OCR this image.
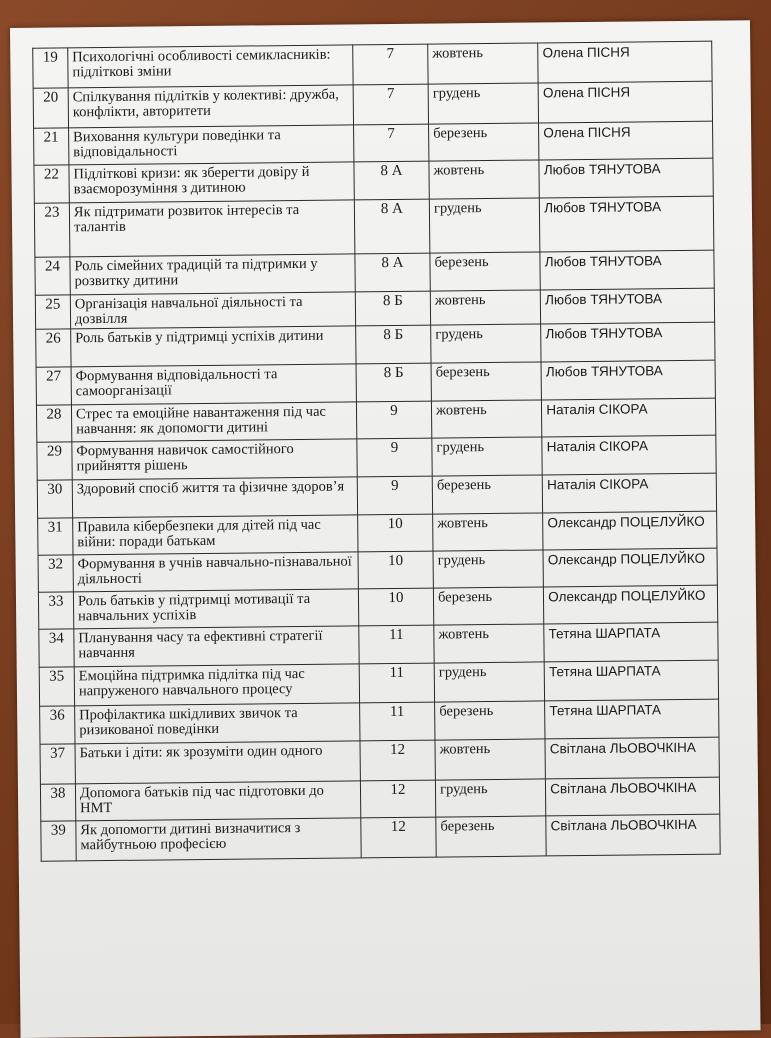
19	Психологічні особливості семикласників: підліткові зміни	7	жовтень	Олена ПІСНЯ
20	Спілкування підлітків у колективі: дружба, конфлікти, авторитети	7	грудень	Олена ПІСНЯ
21	Виховання культури поведінки та відповідальності	7	березень	Олена ПІСНЯ
22	Підліткові кризи: як зберегти довіру й взаєморозуміння з дитиною	8 А	жовтень	Любов ТЯНУТОВА
23	Як підтримати розвиток інтересів та талантів	8 А	грудень	Любов ТЯНУТОВА
24	Роль сімейних традицій та підтримки у розвитку дитини	8 А	березень	Любов ТЯНУТОВА
25	Організація навчальної діяльності та дозвілля	8 Б	жовтень	Любов ТЯНУТОВА
26	Роль батьків у підтримці успіхів дитини	8 Б	грудень	Любов ТЯНУТОВА
27	Формування відповідальності та самоорганізації	8 Б	березень	Любов ТЯНУТОВА
28	Стрес та емоційне навантаження під час навчання: як допомогти дитині	9	жовтень	Наталія СІКОРА
29	Формування навичок самостійного прийняття рішень	9	грудень	Наталія СІКОРА
30	Здоровий спосіб життя та фізичне здоров’я	9	березень	Наталія СІКОРА
31	Правила кібербезпеки для дітей під час війни: поради батькам	10	жовтень	Олександр ПОЦЕЛУЙКО
32	Формування в учнів навчально-пізнавальної діяльності	10	грудень	Олександр ПОЦЕЛУЙКО
33	Роль батьків у підтримці мотивації та навчальних успіхів	10	березень	Олександр ПОЦЕЛУЙКО
34	Планування часу та ефективні стратегії навчання	11	жовтень	Тетяна ШАРПАТА
35	Емоційна підтримка підлітка під час напруженого навчального процесу	11	грудень	Тетяна ШАРПАТА
36	Профілактика шкідливих звичок та ризикованої поведінки	11	березень	Тетяна ШАРПАТА
37	Батьки і діти: як зрозуміти один одного	12	жовтень	Світлана ЛЬОВОЧКІНА
38	Допомога батьків під час підготовки до НМТ	12	грудень	Світлана ЛЬОВОЧКІНА
39	Як допомогти дитині визначитися з майбутньою професією	12	березень	Світлана ЛЬОВОЧКІНА
